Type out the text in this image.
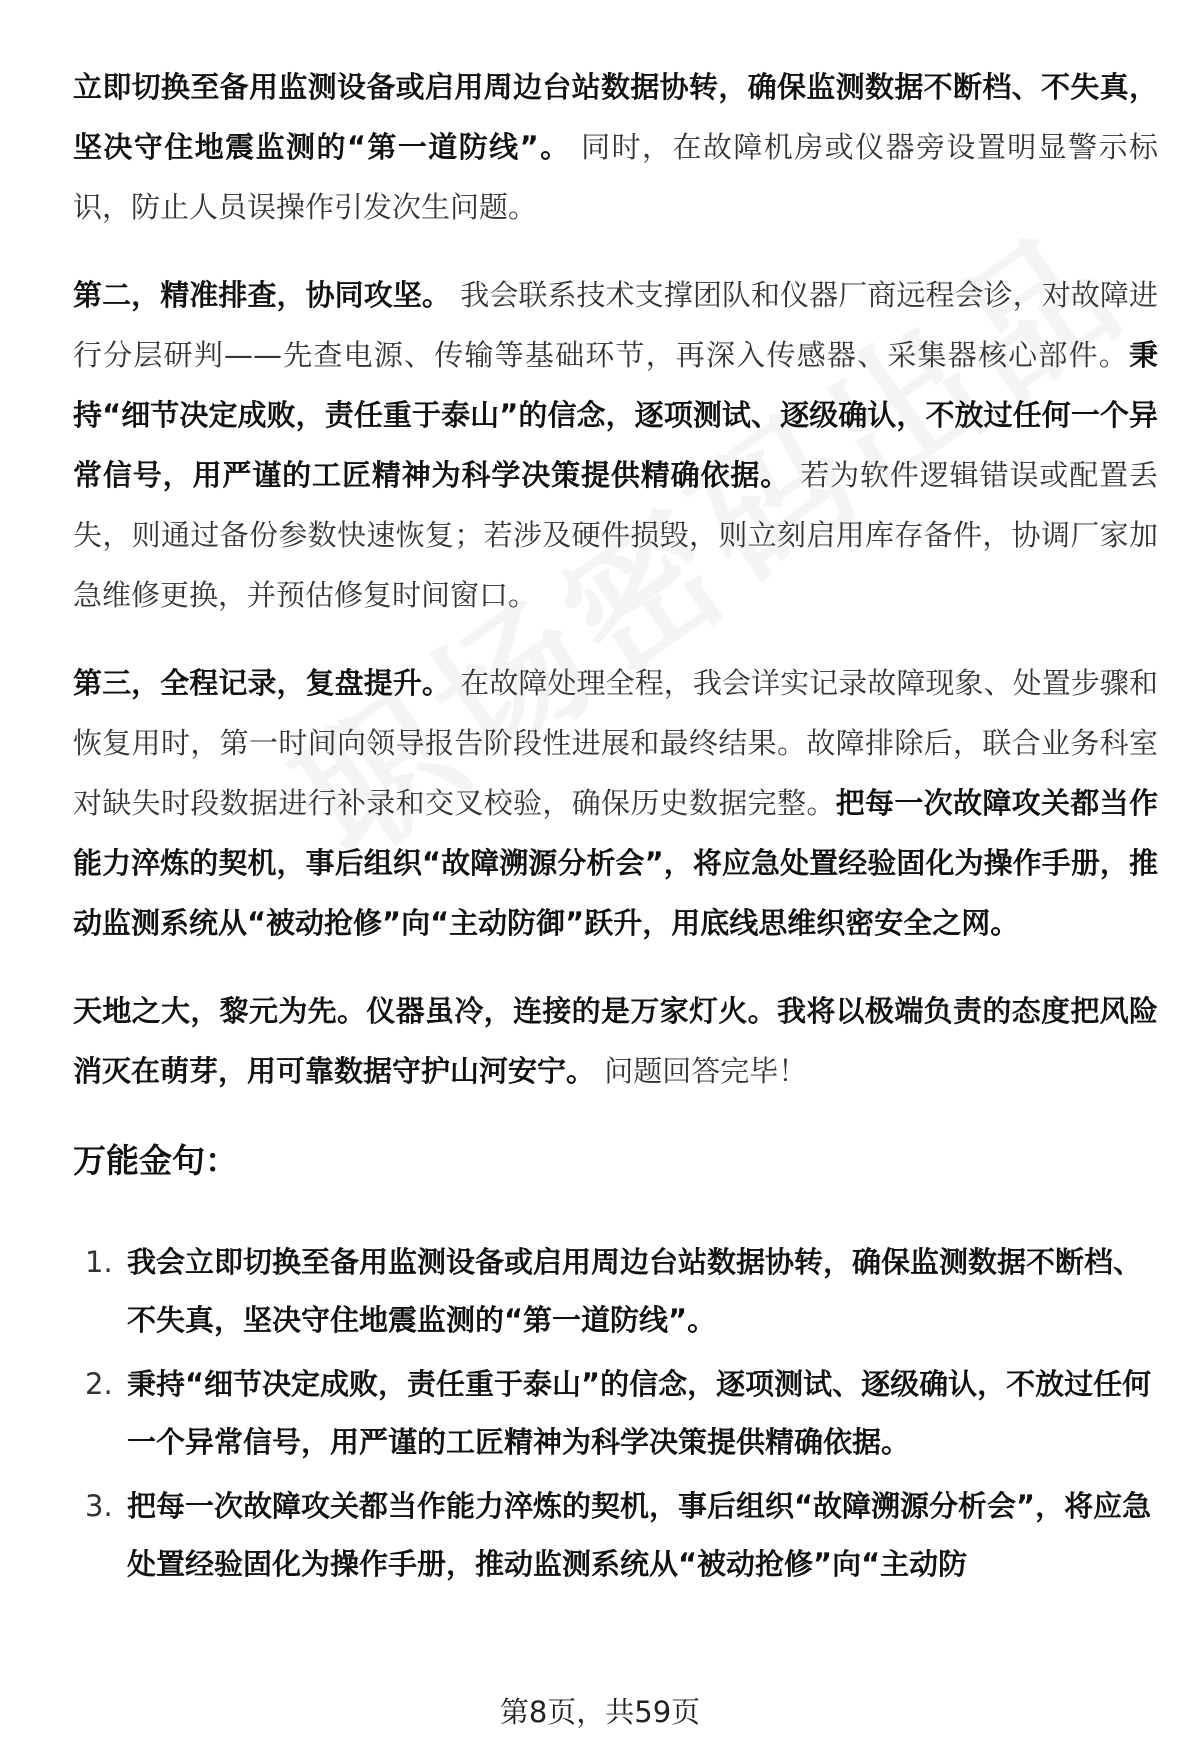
立即切换至备用监测设备或启用周边台站数据协转，确保监测数据不断档、不失真，坚决守住地震监测的“第一道防线”。 同时，在故障机房或仪器旁设置明显警示标识，防止人员误操作引发次生问题。

第二，精准排查，协同攻坚。 我会联系技术支撑团队和仪器厂商远程会诊，对故障进行分层研判——先查电源、传输等基础环节，再深入传感器、采集器核心部件。秉持“细节决定成败，责任重于泰山”的信念，逐项测试、逐级确认，不放过任何一个异常信号，用严谨的工匠精神为科学决策提供精确依据。 若为软件逻辑错误或配置丢失，则通过备份参数快速恢复；若涉及硬件损毁，则立刻启用库存备件，协调厂家加急维修更换，并预估修复时间窗口。

第三，全程记录，复盘提升。 在故障处理全程，我会详实记录故障现象、处置步骤和恢复用时，第一时间向领导报告阶段性进展和最终结果。故障排除后，联合业务科室对缺失时段数据进行补录和交叉校验，确保历史数据完整。把每一次故障攻关都当作能力淬炼的契机，事后组织“故障溯源分析会”，将应急处置经验固化为操作手册，推动监测系统从“被动抢修”向“主动防御”跃升，用底线思维织密安全之网。

天地之大，黎元为先。仪器虽冷，连接的是万家灯火。我将以极端负责的态度把风险消灭在萌芽，用可靠数据守护山河安宁。 问题回答完毕！

万能金句：
1. 我会立即切换至备用监测设备或启用周边台站数据协转，确保监测数据不断档、不失真，坚决守住地震监测的“第一道防线”。
2. 秉持“细节决定成败，责任重于泰山”的信念，逐项测试、逐级确认，不放过任何一个异常信号，用严谨的工匠精神为科学决策提供精确依据。
3. 把每一次故障攻关都当作能力淬炼的契机，事后组织“故障溯源分析会”，将应急处置经验固化为操作手册，推动监测系统从“被动抢修”向“主动防
第8页，共59页
